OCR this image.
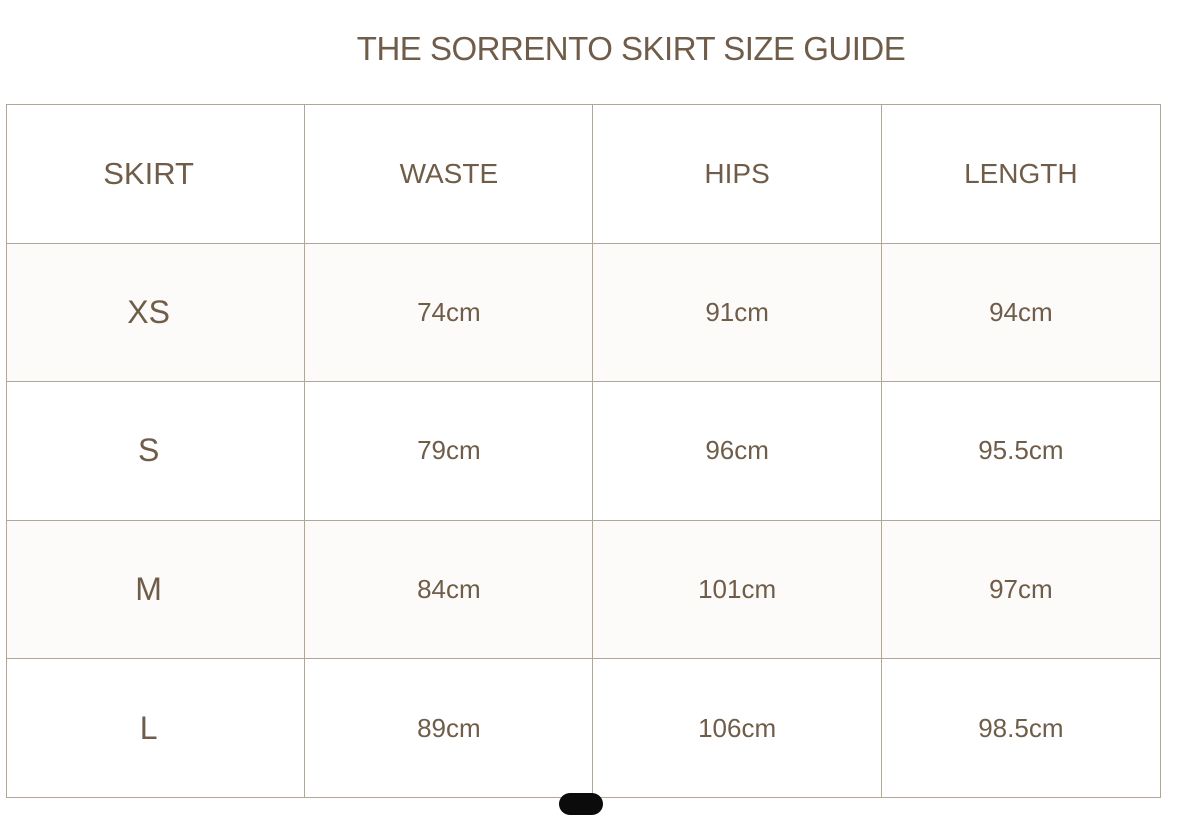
THE SORRENTO SKIRT SIZE GUIDE
SKIRT	WASTE	HIPS	LENGTH
XS	74cm	91cm	94cm
S	79cm	96cm	95.5cm
M	84cm	101cm	97cm
L	89cm	106cm	98.5cm
